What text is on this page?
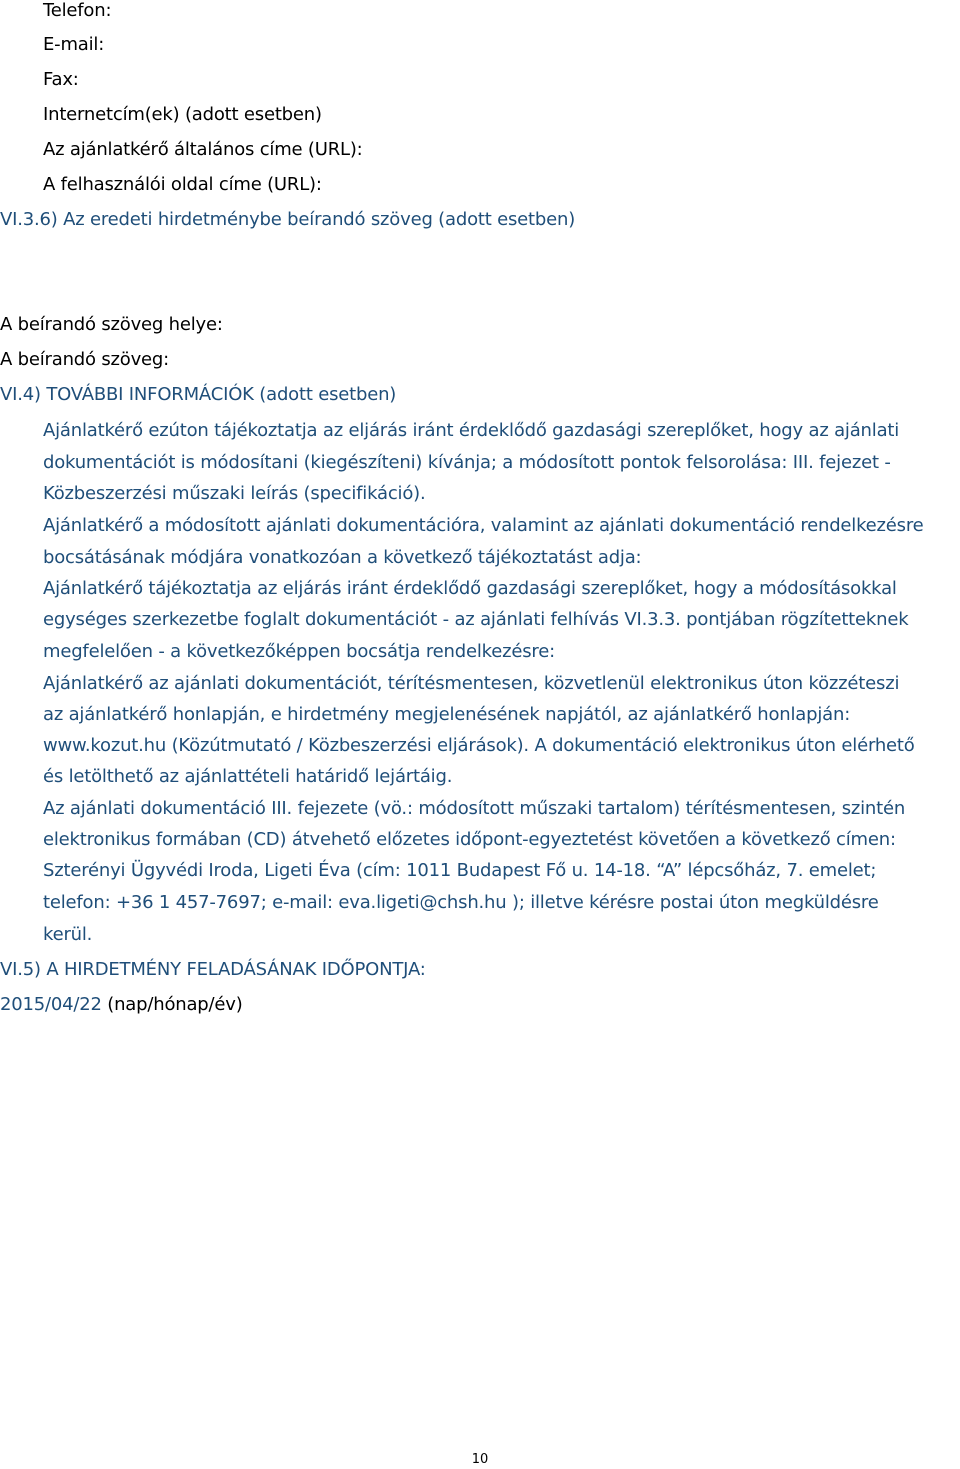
Telefon:
E-mail:
Fax:
Internetcím(ek) (adott esetben)
Az ajánlatkérő általános címe (URL):
A felhasználói oldal címe (URL):
VI.3.6) Az eredeti hirdetménybe beírandó szöveg (adott esetben)
A beírandó szöveg helye:
A beírandó szöveg:
VI.4) TOVÁBBI INFORMÁCIÓK (adott esetben)
Ajánlatkérő ezúton tájékoztatja az eljárás iránt érdeklődő gazdasági szereplőket, hogy az ajánlati
dokumentációt is módosítani (kiegészíteni) kívánja; a módosított pontok felsorolása: III. fejezet -
Közbeszerzési műszaki leírás (specifikáció).
Ajánlatkérő a módosított ajánlati dokumentációra, valamint az ajánlati dokumentáció rendelkezésre
bocsátásának módjára vonatkozóan a következő tájékoztatást adja:
Ajánlatkérő tájékoztatja az eljárás iránt érdeklődő gazdasági szereplőket, hogy a módosításokkal
egységes szerkezetbe foglalt dokumentációt - az ajánlati felhívás VI.3.3. pontjában rögzítetteknek
megfelelően - a következőképpen bocsátja rendelkezésre:
Ajánlatkérő az ajánlati dokumentációt, térítésmentesen, közvetlenül elektronikus úton közzéteszi
az ajánlatkérő honlapján, e hirdetmény megjelenésének napjától, az ajánlatkérő honlapján:
www.kozut.hu (Közútmutató / Közbeszerzési eljárások). A dokumentáció elektronikus úton elérhető
és letölthető az ajánlattételi határidő lejártáig.
Az ajánlati dokumentáció III. fejezete (vö.: módosított műszaki tartalom) térítésmentesen, szintén
elektronikus formában (CD) átvehető előzetes időpont-egyeztetést követően a következő címen:
Szterényi Ügyvédi Iroda, Ligeti Éva (cím: 1011 Budapest Fő u. 14-18. “A” lépcsőház, 7. emelet;
telefon: +36 1 457-7697; e-mail: eva.ligeti@chsh.hu ); illetve kérésre postai úton megküldésre
kerül.
VI.5) A HIRDETMÉNY FELADÁSÁNAK IDŐPONTJA:
2015/04/22 (nap/hónap/év)
10
